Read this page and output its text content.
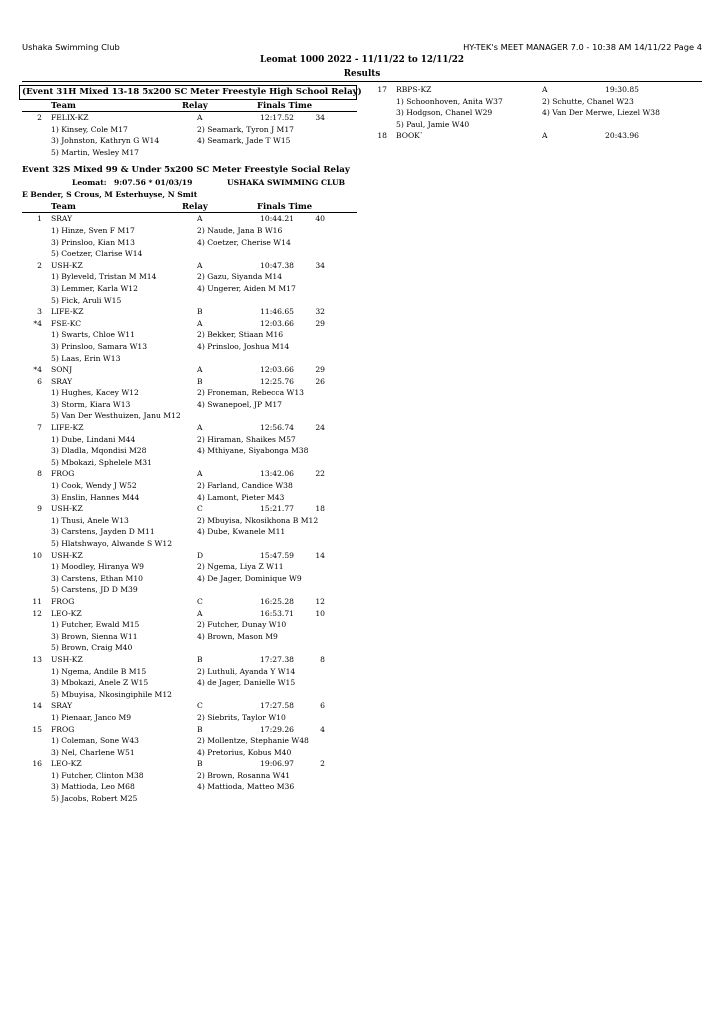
Ushaka Swimming Club	HY-TEK's MEET MANAGER 7.0 - 10:38 AM 14/11/22 Page 4
Leomat 1000 2022 - 11/11/22 to 12/11/22
Results
(Event 31H Mixed 13-18 5x200 SC Meter Freestyle High School Relay)
Team	Relay	Finals Time
2 FELIX-KZ	A	12:17.52	34
1) Kinsey, Cole M17	2) Seamark, Tyron J M17
3) Johnston, Kathryn G W14	4) Seamark, Jade T W15
5) Martin, Wesley M17
Event 32S Mixed 99 & Under 5x200 SC Meter Freestyle Social Relay
Leomat: 9:07.56 * 01/03/19	USHAKA SWIMMING CLUB
E Bender, S Crous, M Esterhuyse, N Smit
Team	Relay	Finals Time
1 SRAY	A	10:44.21	40
1) Hinze, Sven F M17	2) Naude, Jana B W16
3) Prinsloo, Kian M13	4) Coetzer, Cherise W14
5) Coetzer, Clarise W14
2 USH-KZ	A	10:47.38	34
1) Byleveld, Tristan M M14	2) Gazu, Siyanda M14
3) Lemmer, Karla W12	4) Ungerer, Aiden M M17
5) Fick, Aruli W15
3 LIFE-KZ	B	11:46.65	32
*4 FSE-KC	A	12:03.66	29
1) Swarts, Chloe W11	2) Bekker, Stiaan M16
3) Prinsloo, Samara W13	4) Prinsloo, Joshua M14
5) Laas, Erin W13
*4 SONJ	A	12:03.66	29
6 SRAY	B	12:25.76	26
1) Hughes, Kacey W12	2) Froneman, Rebecca W13
3) Storm, Kiara W13	4) Swanepoel, JP M17
5) Van Der Westhuizen, Janu M12
7 LIFE-KZ	A	12:56.74	24
1) Dube, Lindani M44	2) Hiraman, Shaikes M57
3) Dladla, Mqondisi M28	4) Mthiyane, Siyabonga M38
5) Mbokazi, Sphelele M31
8 FROG	A	13:42.06	22
1) Cook, Wendy J W52	2) Farland, Candice W38
3) Enslin, Hannes M44	4) Lamont, Pieter M43
9 USH-KZ	C	15:21.77	18
1) Thusi, Anele W13	2) Mbuyisa, Nkosikhona B M12
3) Carstens, Jayden D M11	4) Dube, Kwanele M11
5) Hlatshwayo, Alwande S W12
10 USH-KZ	D	15:47.59	14
1) Moodley, Hiranya W9	2) Ngema, Liya Z W11
3) Carstens, Ethan M10	4) De Jager, Dominique W9
5) Carstens, JD D M39
11 FROG	C	16:25.28	12
12 LEO-KZ	A	16:53.71	10
1) Futcher, Ewald M15	2) Futcher, Dunay W10
3) Brown, Sienna W11	4) Brown, Mason M9
5) Brown, Craig M40
13 USH-KZ	B	17:27.38	8
1) Ngema, Andile B M15	2) Luthuli, Ayanda Y W14
3) Mbokazi, Anele Z W15	4) de Jager, Danielle W15
5) Mbuyisa, Nkosingiphile M12
14 SRAY	C	17:27.58	6
1) Pienaar, Janco M9	2) Siebrits, Taylor W10
15 FROG	B	17:29.26	4
1) Coleman, Sone W43	2) Mollentze, Stephanie W48
3) Nel, Charlene W51	4) Pretorius, Kobus M40
16 LEO-KZ	B	19:06.97	2
1) Futcher, Clinton M38	2) Brown, Rosanna W41
3) Mattioda, Leo M68	4) Mattioda, Matteo M36
5) Jacobs, Robert M25
17 RBPS-KZ	A	19:30.85
1) Schoonhoven, Anita W37	2) Schutte, Chanel W23
3) Hodgson, Chanel W29	4) Van Der Merwe, Liezel W38
5) Paul, Jamie W40
18 BOOK`	A	20:43.96
